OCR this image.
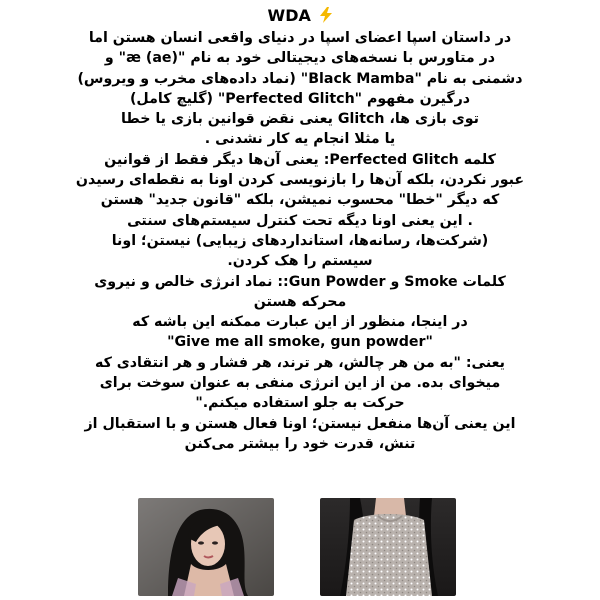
WDA
در داستان اسپا اعضای اسپا در دنیای واقعی انسان هستن اما
در متاورس با نسخه‌های دیجیتالی خود به نام "æ (ae)" و
دشمنی به نام "Black Mamba" (نماد داده‌های مخرب و ویروس)
درگیرن مفهوم "Perfected Glitch" (گلیچ کامل)
توی بازی ها، Glitch یعنی نقض قوانین بازی یا خطا
یا مثلا انجام یه کار نشدنی .
کلمه Perfected Glitch: یعنی آن‌ها دیگر فقط از قوانین
عبور نکردن، بلکه آن‌ها را بازنویسی کردن اونا به نقطه‌ای رسیدن
که دیگر "خطا" محسوب نمیشن، بلکه "قانون جدید" هستن
. این یعنی اونا دیگه تحت کنترل سیستم‌های سنتی
(شرکت‌ها، رسانه‌ها، استانداردهای زیبایی) نیستن؛ اونا
سیستم را هک کردن.
کلمات Smoke و Gun Powder:: نماد انرژی خالص و نیروی
محرکه هستن
در اینجا، منظور از این عبارت ممکنه این باشه که
"Give me all smoke, gun powder"
یعنی: "به من هر چالش، هر ترند، هر فشار و هر انتقادی که
میخوای بده. من از این انرژی منفی به عنوان سوخت برای
حرکت به جلو استفاده میکنم."
این یعنی آن‌ها منفعل نیستن؛ اونا فعال هستن و با استقبال از
تنش، قدرت خود را بیشتر می‌کنن
